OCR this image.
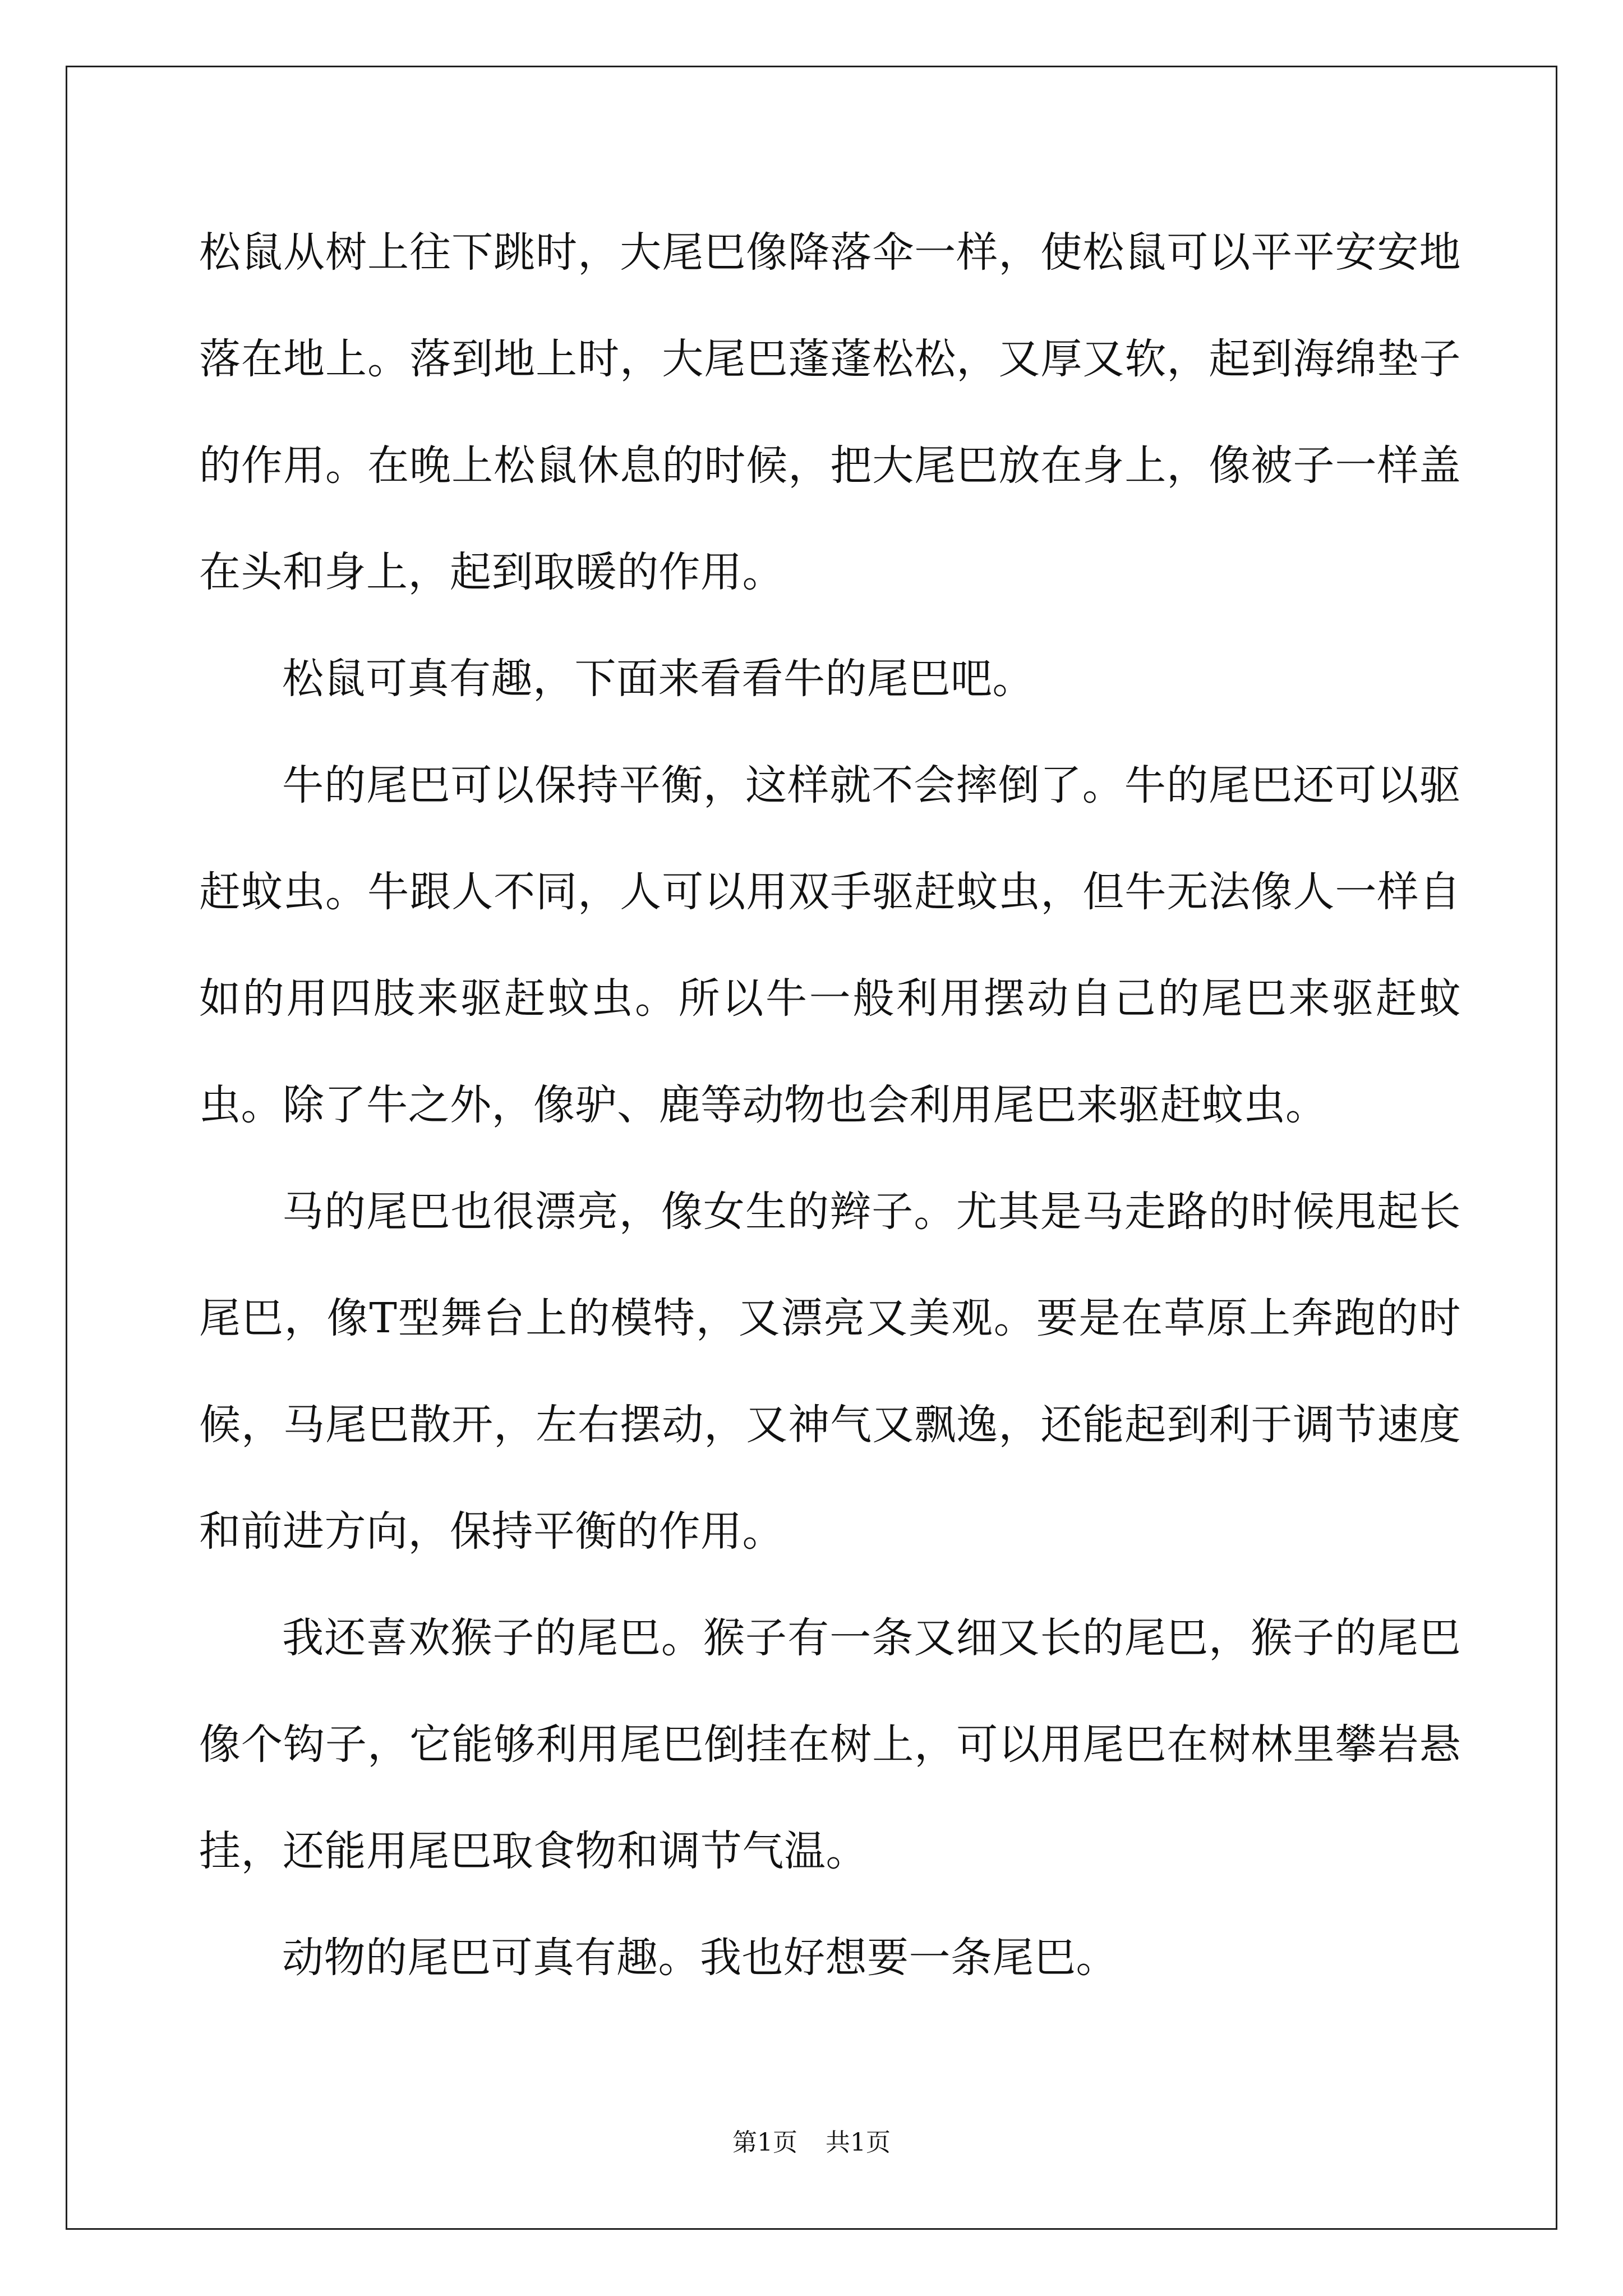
松鼠从树上往下跳时，大尾巴像降落伞一样，使松鼠可以平平安安地落在地上。落到地上时，大尾巴蓬蓬松松，又厚又软，起到海绵垫子的作用。在晚上松鼠休息的时候，把大尾巴放在身上，像被子一样盖在头和身上，起到取暖的作用。

松鼠可真有趣，下面来看看牛的尾巴吧。

牛的尾巴可以保持平衡，这样就不会摔倒了。牛的尾巴还可以驱赶蚊虫。牛跟人不同，人可以用双手驱赶蚊虫，但牛无法像人一样自如的用四肢来驱赶蚊虫。所以牛一般利用摆动自己的尾巴来驱赶蚊虫。除了牛之外，像驴、鹿等动物也会利用尾巴来驱赶蚊虫。

马的尾巴也很漂亮，像女生的辫子。尤其是马走路的时候甩起长尾巴，像T型舞台上的模特，又漂亮又美观。要是在草原上奔跑的时候，马尾巴散开，左右摆动，又神气又飘逸，还能起到利于调节速度和前进方向，保持平衡的作用。

我还喜欢猴子的尾巴。猴子有一条又细又长的尾巴，猴子的尾巴像个钩子，它能够利用尾巴倒挂在树上，可以用尾巴在树林里攀岩悬挂，还能用尾巴取食物和调节气温。

动物的尾巴可真有趣。我也好想要一条尾巴。

第1页 共1页
